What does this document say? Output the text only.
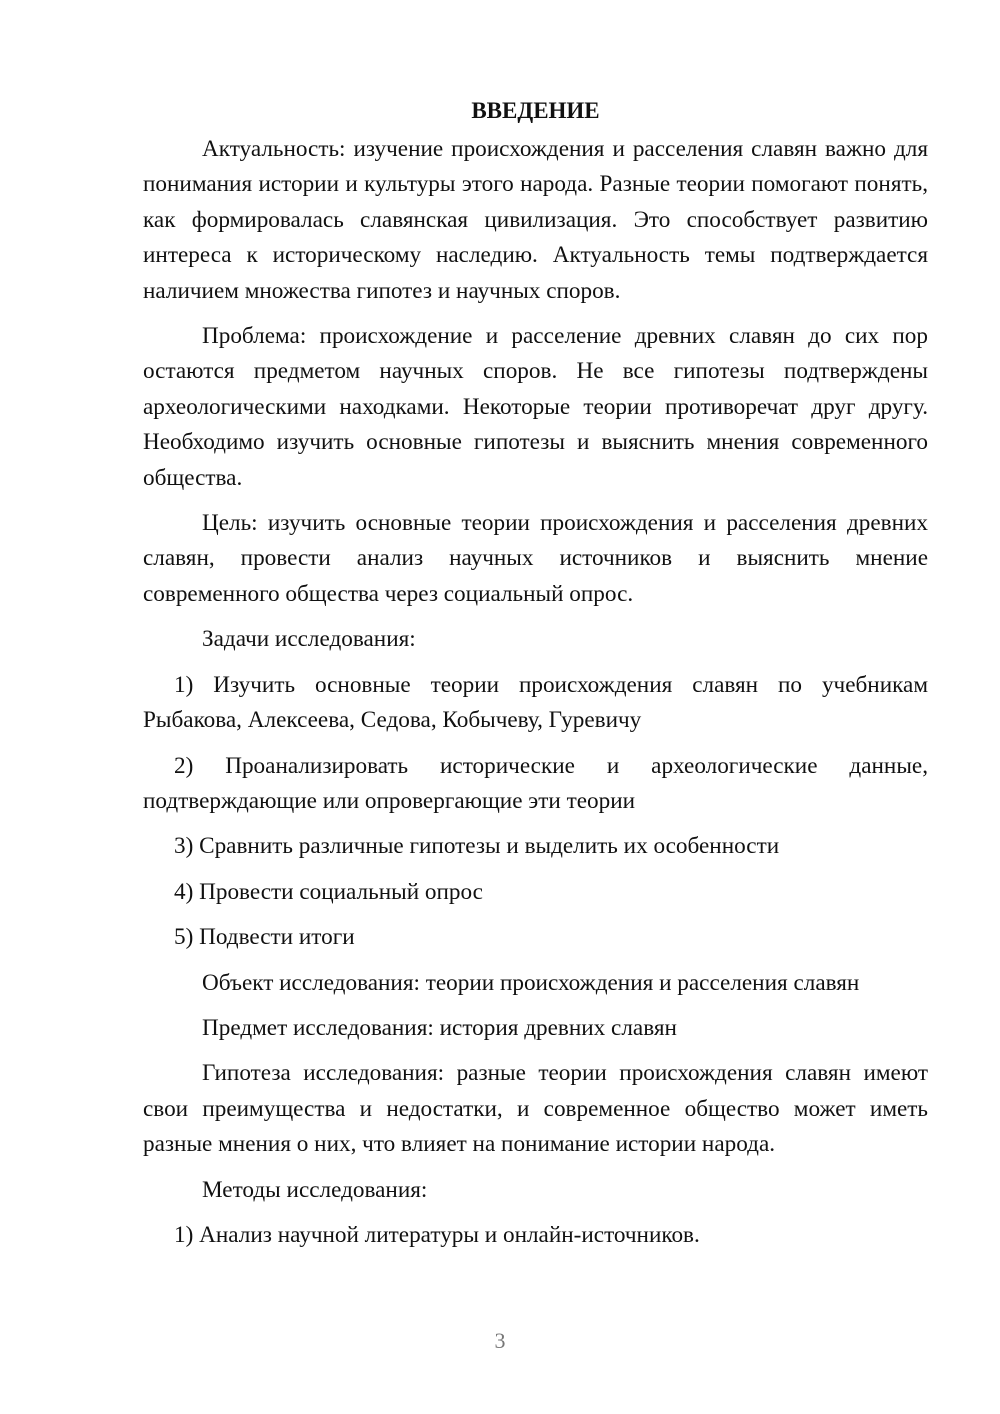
ВВЕДЕНИЕ

Актуальность: изучение происхождения и расселения славян важно для понимания истории и культуры этого народа. Разные теории помогают понять, как формировалась славянская цивилизация. Это способствует развитию интереса к историческому наследию. Актуальность темы подтверждается наличием множества гипотез и научных споров.

Проблема: происхождение и расселение древних славян до сих пор остаются предметом научных споров. Не все гипотезы подтверждены археологическими находками. Некоторые теории противоречат друг другу. Необходимо изучить основные гипотезы и выяснить мнения современного общества.

Цель: изучить основные теории происхождения и расселения древних славян, провести анализ научных источников и выяснить мнение современного общества через социальный опрос.

Задачи исследования:

1) Изучить основные теории происхождения славян по учебникам Рыбакова, Алексеева, Седова, Кобычеву, Гуревичу

2) Проанализировать исторические и археологические данные, подтверждающие или опровергающие эти теории

3) Сравнить различные гипотезы и выделить их особенности

4) Провести социальный опрос

5) Подвести итоги

Объект исследования: теории происхождения и расселения славян

Предмет исследования: история древних славян

Гипотеза исследования: разные теории происхождения славян имеют свои преимущества и недостатки, и современное общество может иметь разные мнения о них, что влияет на понимание истории народа.

Методы исследования:

1) Анализ научной литературы и онлайн-источников.

3
